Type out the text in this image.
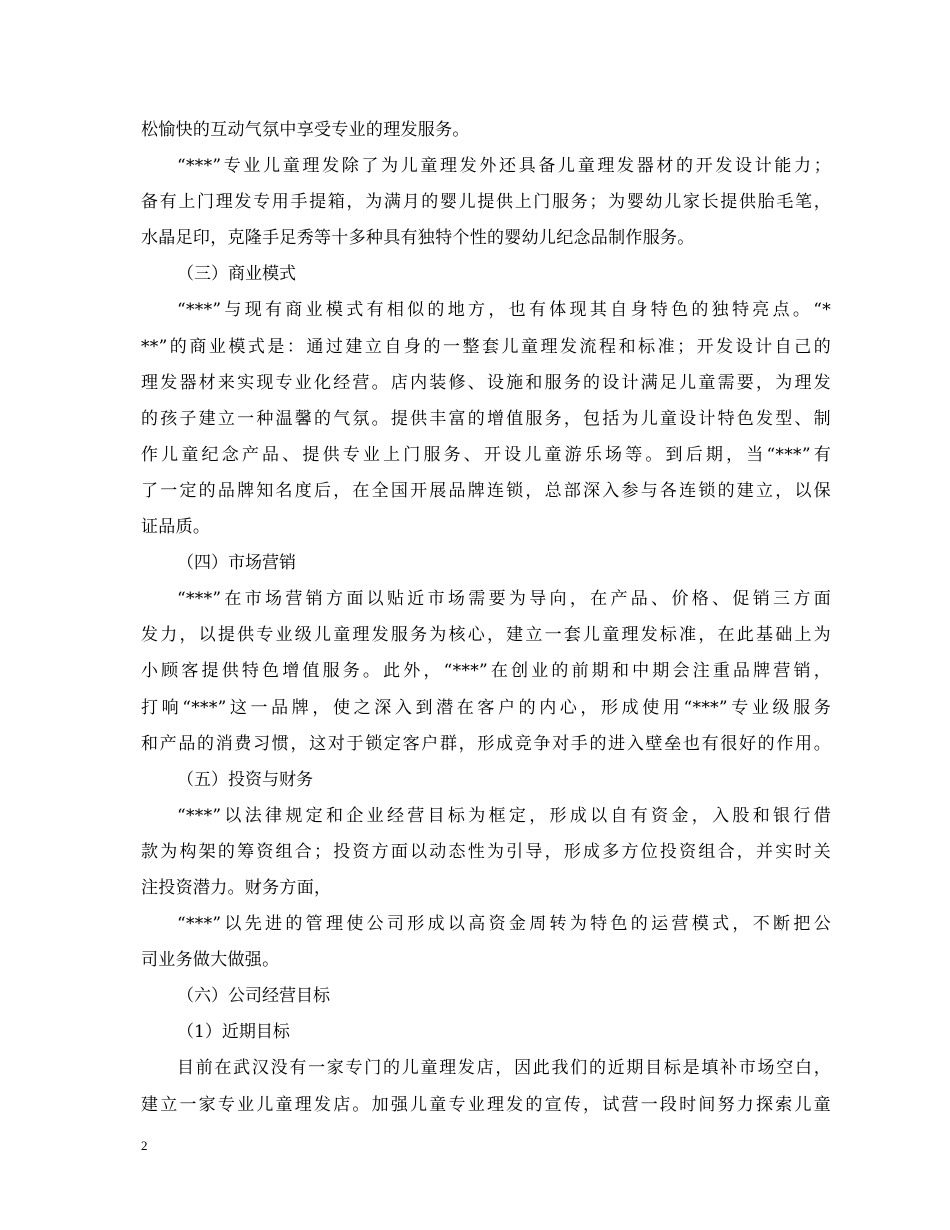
松愉快的互动气氛中享受专业的理发服务。
“***”专业儿童理发除了为儿童理发外还具备儿童理发器材的开发设计能力；
备有上门理发专用手提箱，为满月的婴儿提供上门服务；为婴幼儿家长提供胎毛笔，
水晶足印，克隆手足秀等十多种具有独特个性的婴幼儿纪念品制作服务。
（三）商业模式
“***”与现有商业模式有相似的地方，也有体现其自身特色的独特亮点。“*
**”的商业模式是：通过建立自身的一整套儿童理发流程和标准；开发设计自己的
理发器材来实现专业化经营。店内装修、设施和服务的设计满足儿童需要，为理发
的孩子建立一种温馨的气氛。提供丰富的增值服务，包括为儿童设计特色发型、制
作儿童纪念产品、提供专业上门服务、开设儿童游乐场等。到后期，当“***”有
了一定的品牌知名度后，在全国开展品牌连锁，总部深入参与各连锁的建立，以保
证品质。
（四）市场营销
“***”在市场营销方面以贴近市场需要为导向，在产品、价格、促销三方面
发力，以提供专业级儿童理发服务为核心，建立一套儿童理发标准，在此基础上为
小顾客提供特色增值服务。此外，“***”在创业的前期和中期会注重品牌营销，
打响“***”这一品牌，使之深入到潜在客户的内心，形成使用“***”专业级服务
和产品的消费习惯，这对于锁定客户群，形成竞争对手的进入壁垒也有很好的作用。
（五）投资与财务
“***”以法律规定和企业经营目标为框定，形成以自有资金，入股和银行借
款为构架的筹资组合；投资方面以动态性为引导，形成多方位投资组合，并实时关
注投资潜力。财务方面，
“***”以先进的管理使公司形成以高资金周转为特色的运营模式，不断把公
司业务做大做强。
（六）公司经营目标
（1）近期目标
目前在武汉没有一家专门的儿童理发店，因此我们的近期目标是填补市场空白，
建立一家专业儿童理发店。加强儿童专业理发的宣传，试营一段时间努力探索儿童
2
